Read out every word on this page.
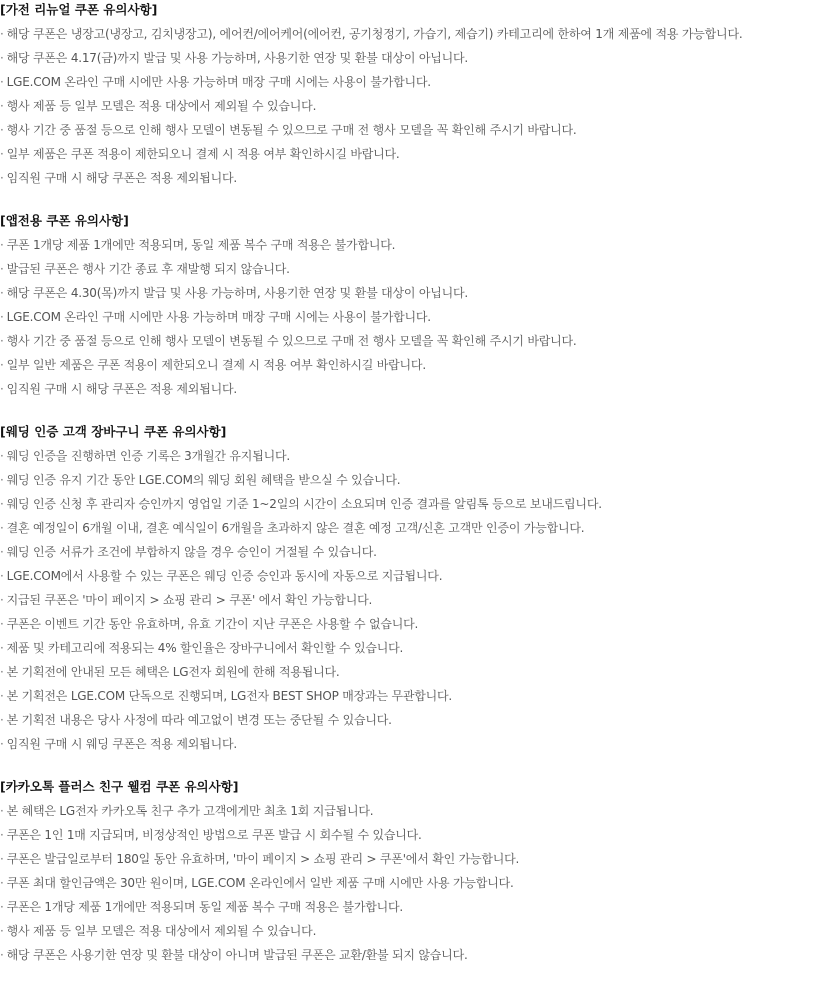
[가전 리뉴얼 쿠폰 유의사항]
· 해당 쿠폰은 냉장고(냉장고, 김치냉장고), 에어컨/에어케어(에어컨, 공기청정기, 가습기, 제습기) 카테고리에 한하여 1개 제품에 적용 가능합니다.
· 해당 쿠폰은 4.17(금)까지 발급 및 사용 가능하며, 사용기한 연장 및 환불 대상이 아닙니다.
· LGE.COM 온라인 구매 시에만 사용 가능하며 매장 구매 시에는 사용이 불가합니다.
· 행사 제품 등 일부 모델은 적용 대상에서 제외될 수 있습니다.
· 행사 기간 중 품절 등으로 인해 행사 모델이 변동될 수 있으므로 구매 전 행사 모델을 꼭 확인해 주시기 바랍니다.
· 일부 제품은 쿠폰 적용이 제한되오니 결제 시 적용 여부 확인하시길 바랍니다.
· 임직원 구매 시 해당 쿠폰은 적용 제외됩니다.
[앱전용 쿠폰 유의사항]
· 쿠폰 1개당 제품 1개에만 적용되며, 동일 제품 복수 구매 적용은 불가합니다.
· 발급된 쿠폰은 행사 기간 종료 후 재발행 되지 않습니다.
· 해당 쿠폰은 4.30(목)까지 발급 및 사용 가능하며, 사용기한 연장 및 환불 대상이 아닙니다.
· LGE.COM 온라인 구매 시에만 사용 가능하며 매장 구매 시에는 사용이 불가합니다.
· 행사 기간 중 품절 등으로 인해 행사 모델이 변동될 수 있으므로 구매 전 행사 모델을 꼭 확인해 주시기 바랍니다.
· 일부 일반 제품은 쿠폰 적용이 제한되오니 결제 시 적용 여부 확인하시길 바랍니다.
· 임직원 구매 시 해당 쿠폰은 적용 제외됩니다.
[웨딩 인증 고객 장바구니 쿠폰 유의사항]
· 웨딩 인증을 진행하면 인증 기록은 3개월간 유지됩니다.
· 웨딩 인증 유지 기간 동안 LGE.COM의 웨딩 회원 혜택을 받으실 수 있습니다.
· 웨딩 인증 신청 후 관리자 승인까지 영업일 기준 1~2일의 시간이 소요되며 인증 결과를 알림톡 등으로 보내드립니다.
· 결혼 예정일이 6개월 이내, 결혼 예식일이 6개월을 초과하지 않은 결혼 예정 고객/신혼 고객만 인증이 가능합니다.
· 웨딩 인증 서류가 조건에 부합하지 않을 경우 승인이 거절될 수 있습니다.
· LGE.COM에서 사용할 수 있는 쿠폰은 웨딩 인증 승인과 동시에 자동으로 지급됩니다.
· 지급된 쿠폰은 '마이 페이지 > 쇼핑 관리 > 쿠폰' 에서 확인 가능합니다.
· 쿠폰은 이벤트 기간 동안 유효하며, 유효 기간이 지난 쿠폰은 사용할 수 없습니다.
· 제품 및 카테고리에 적용되는 4% 할인율은 장바구니에서 확인할 수 있습니다.
· 본 기획전에 안내된 모든 혜택은 LG전자 회원에 한해 적용됩니다.
· 본 기획전은 LGE.COM 단독으로 진행되며, LG전자 BEST SHOP 매장과는 무관합니다.
· 본 기획전 내용은 당사 사정에 따라 예고없이 변경 또는 중단될 수 있습니다.
· 임직원 구매 시 웨딩 쿠폰은 적용 제외됩니다.
[카카오톡 플러스 친구 웰컴 쿠폰 유의사항]
· 본 혜택은 LG전자 카카오톡 친구 추가 고객에게만 최초 1회 지급됩니다.
· 쿠폰은 1인 1매 지급되며, 비정상적인 방법으로 쿠폰 발급 시 회수될 수 있습니다.
· 쿠폰은 발급일로부터 180일 동안 유효하며, '마이 페이지 > 쇼핑 관리 > 쿠폰'에서 확인 가능합니다.
· 쿠폰 최대 할인금액은 30만 원이며, LGE.COM 온라인에서 일반 제품 구매 시에만 사용 가능합니다.
· 쿠폰은 1개당 제품 1개에만 적용되며 동일 제품 복수 구매 적용은 불가합니다.
· 행사 제품 등 일부 모델은 적용 대상에서 제외될 수 있습니다.
· 해당 쿠폰은 사용기한 연장 및 환불 대상이 아니며 발급된 쿠폰은 교환/환불 되지 않습니다.
